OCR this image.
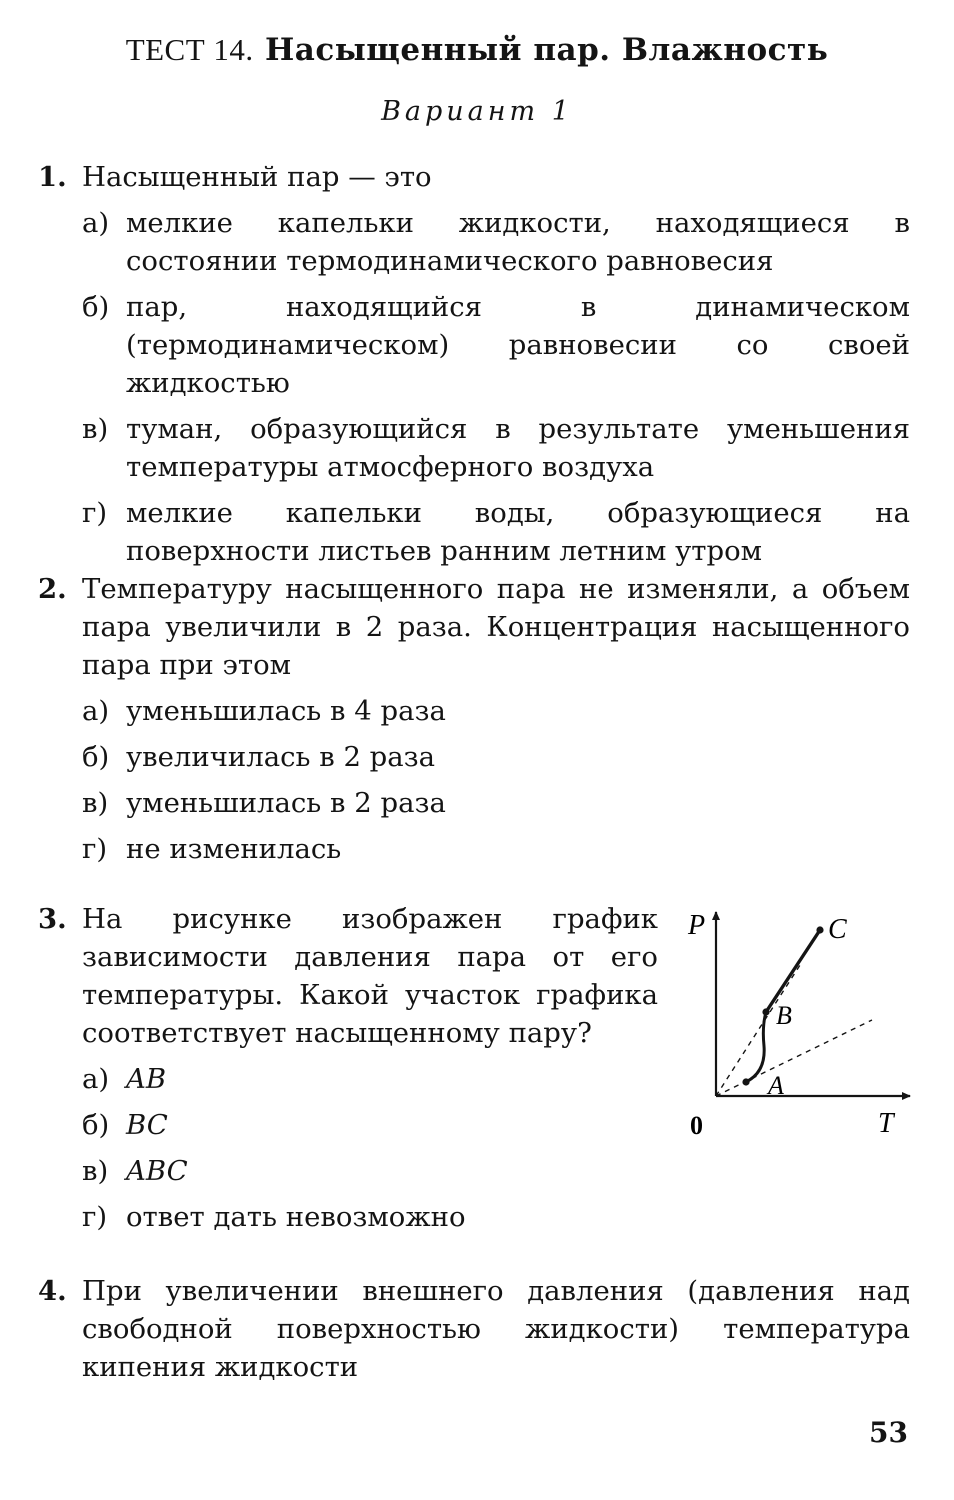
ТЕСТ 14. Насыщенный пар. Влажность
Вариант 1
1. Насыщенный пар — это
а) мелкие капельки жидкости, находящиеся в состоянии термодинамического равновесия
б) пар, находящийся в динамическом (термодинамическом) равновесии со своей жидкостью
в) туман, образующийся в результате уменьшения температуры атмосферного воздуха
г) мелкие капельки воды, образующиеся на поверхности листьев ранним летним утром
2. Температуру насыщенного пара не изменяли, а объем пара увеличили в 2 раза. Концентрация насыщенного пара при этом
а) уменьшилась в 4 раза
б) увеличилась в 2 раза
в) уменьшилась в 2 раза
г) не изменилась
3. На рисунке изображен график зависимости давления пара от его температуры. Какой участок графика соответствует насыщенному пару?
а) AB
б) BC
в) ABC
г) ответ дать невозможно
P
T
0
A
B
C
4. При увеличении внешнего давления (давления над свободной поверхностью жидкости) температура кипения жидкости
53
